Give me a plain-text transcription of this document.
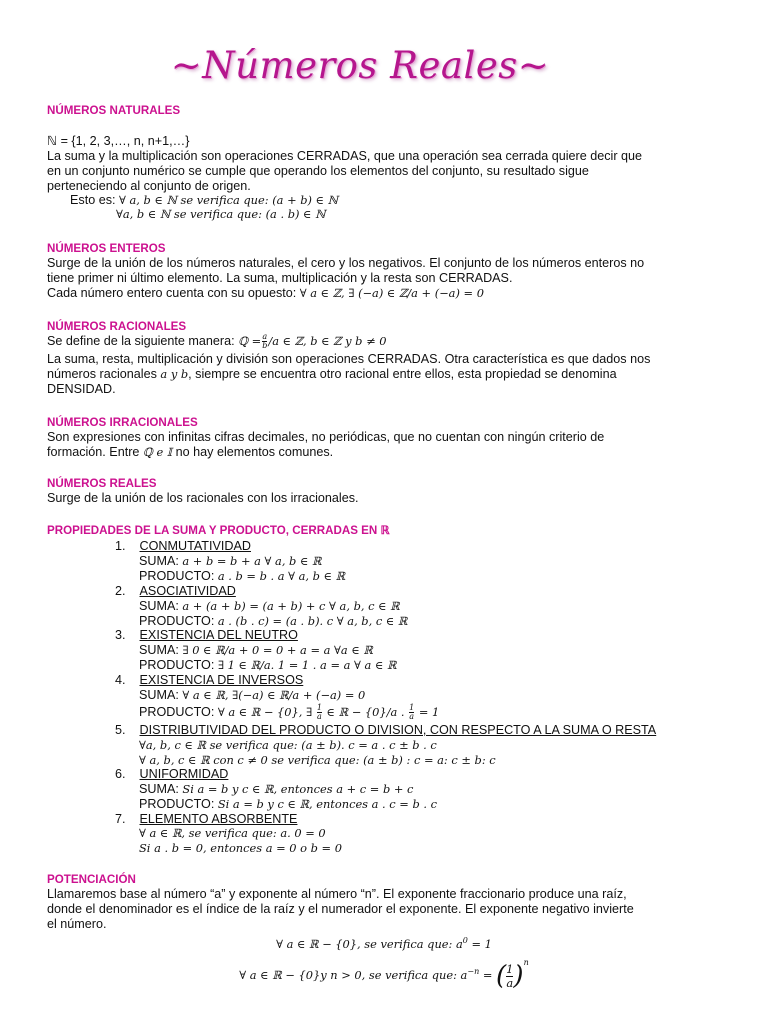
~Números Reales~
NÚMEROS NATURALES
ℕ = {1, 2, 3,…, n, n+1,…}
La suma y la multiplicación son operaciones CERRADAS, que una operación sea cerrada quiere decir que
en un conjunto numérico se cumple que operando los elementos del conjunto, su resultado sigue
perteneciendo al conjunto de origen.
Esto es: ∀ a, b ∈ ℕ se verifica que: (a + b) ∈ ℕ
∀a, b ∈ ℕ se verifica que: (a . b) ∈ ℕ
NÚMEROS ENTEROS
Surge de la unión de los números naturales, el cero y los negativos. El conjunto de los números enteros no
tiene primer ni último elemento. La suma, multiplicación y la resta son CERRADAS.
Cada número entero cuenta con su opuesto: ∀ a ∈ ℤ, ∃ (−a) ∈ ℤ/a + (−a) = 0
NÚMEROS RACIONALES
Se define de la siguiente manera: ℚ = $\frac{a}{b} /a$ ∈ ℤ, b ∈ ℤ y b ≠ 0
La suma, resta, multiplicación y división son operaciones CERRADAS. Otra característica es que dados nos
números racionales a y b, siempre se encuentra otro racional entre ellos, esta propiedad se denomina
DENSIDAD.
NÚMEROS IRRACIONALES
Son expresiones con infinitas cifras decimales, no periódicas, que no cuentan con ningún criterio de
formación. Entre ℚ e 𝕀 no hay elementos comunes.
NÚMEROS REALES
Surge de la unión de los racionales con los irracionales.
PROPIEDADES DE LA SUMA Y PRODUCTO, CERRADAS EN ℝ
1. CONMUTATIVIDAD
SUMA: a + b = b + a ∀ a, b ∈ ℝ
PRODUCTO: a . b = b . a ∀ a, b ∈ ℝ
2. ASOCIATIVIDAD
SUMA: a + (a + b) = (a + b) + c ∀ a, b, c ∈ ℝ
PRODUCTO: a . (b . c) = (a . b). c ∀ a, b, c ∈ ℝ
3. EXISTENCIA DEL NEUTRO
SUMA: ∃ 0 ∈ ℝ/a + 0 = 0 + a = a ∀a ∈ ℝ
PRODUCTO: ∃ 1 ∈ ℝ/a. 1 = 1 . a = a ∀ a ∈ ℝ
4. EXISTENCIA DE INVERSOS
SUMA: ∀ a ∈ ℝ, ∃(−a) ∈ ℝ/a + (−a) = 0
PRODUCTO: ∀ a ∈ ℝ − {0}, ∃ $\frac{1}{a}$ ∈ ℝ − {0}/a . $\frac{1}{a} = 1$
5. DISTRIBUTIVIDAD DEL PRODUCTO O DIVISION, CON RESPECTO A LA SUMA O RESTA
∀a, b, c ∈ ℝ se verifica que: (a ± b). c = a . c ± b . c
∀ a, b, c ∈ ℝ con c ≠ 0 se verifica que: (a ± b) : c = a: c ± b: c
6. UNIFORMIDAD
SUMA: Si a = b y c ∈ ℝ, entonces a + c = b + c
PRODUCTO: Si a = b y c ∈ ℝ, entonces a . c = b . c
7. ELEMENTO ABSORBENTE
∀ a ∈ ℝ, se verifica que: a. 0 = 0
Si a . b = 0, entonces a = 0 o b = 0
POTENCIACIÓN
Llamaremos base al número “a” y exponente al número “n”. El exponente fraccionario produce una raíz,
donde el denominador es el índice de la raíz y el numerador el exponente. El exponente negativo invierte
el número.
∀ a ∈ ℝ − {0}, se verifica que: $a^0 = 1$
∀ a ∈ ℝ − {0}y n > 0, se verifica que: $a^{-n}$ = ( $\frac{1}{a} )^n$
